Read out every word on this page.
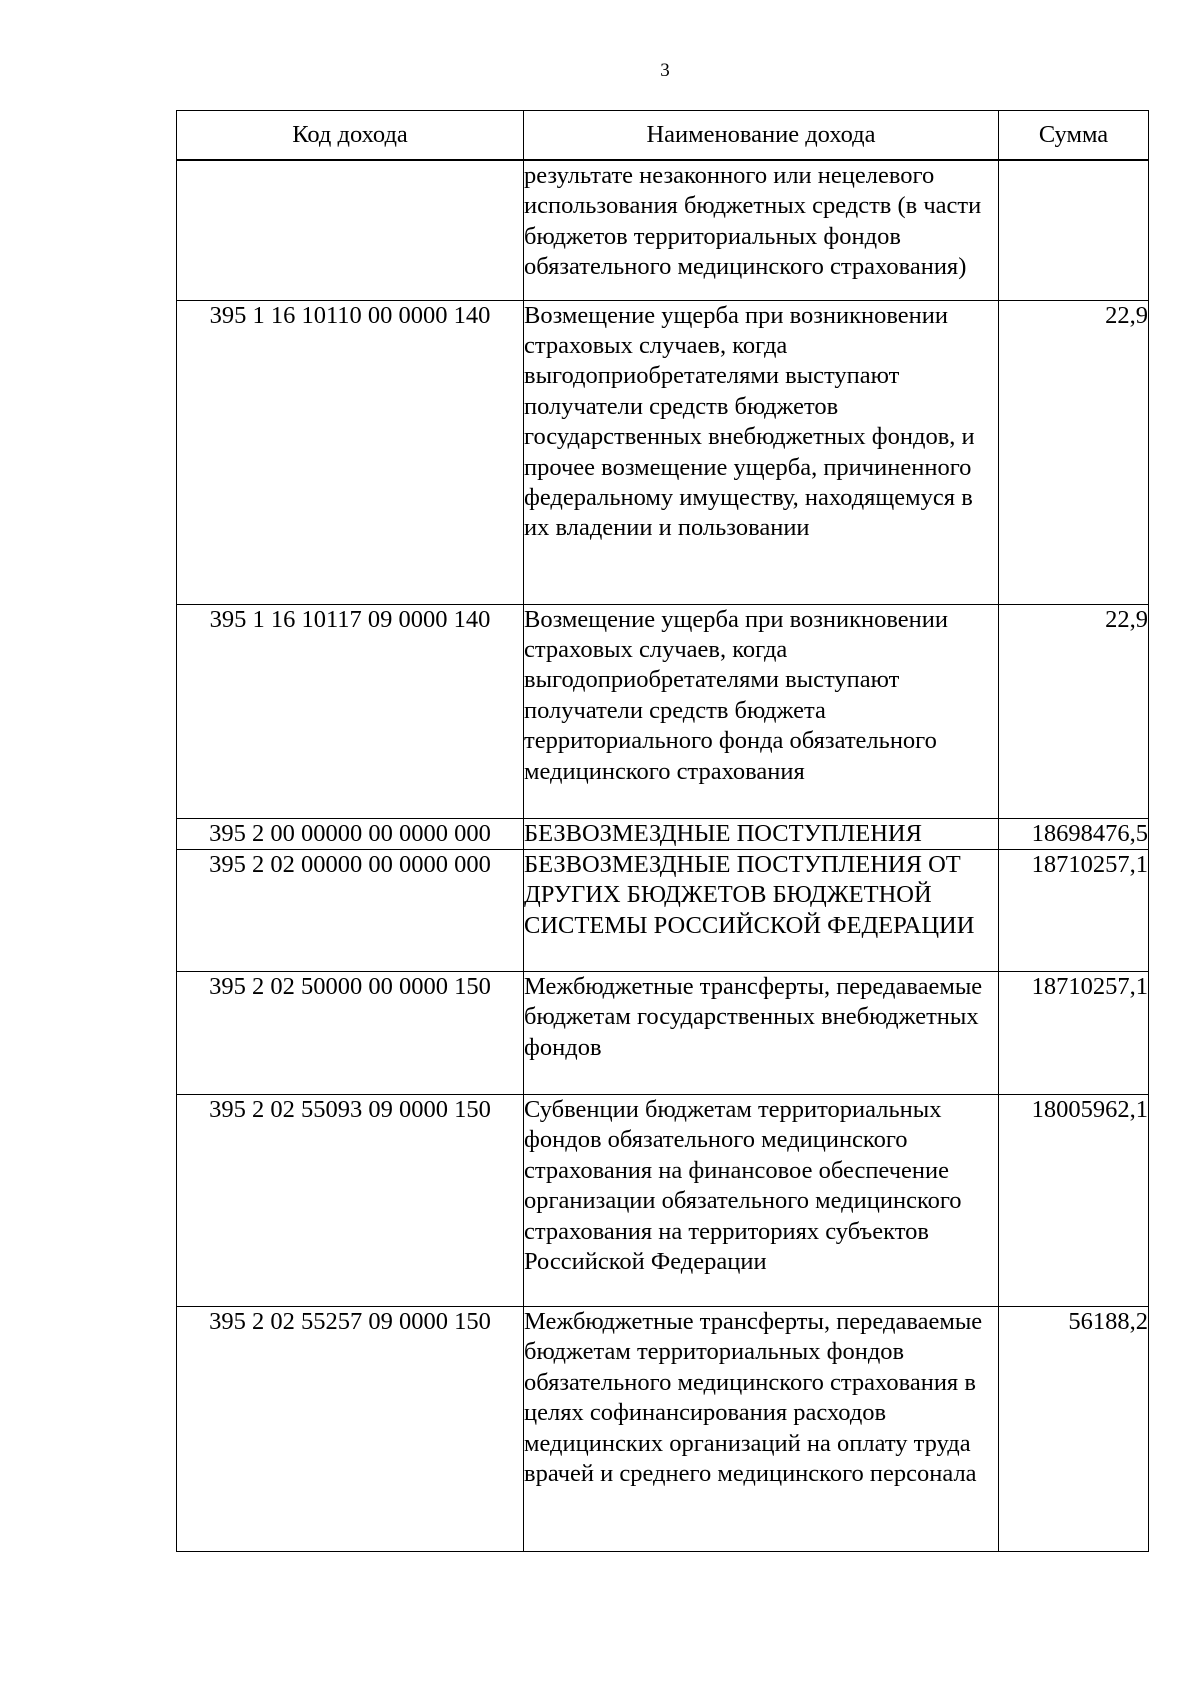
3
Код дохода	Наименование дохода	Сумма
	результате незаконного или нецелевого использования бюджетных средств (в части бюджетов территориальных фондов обязательного медицинского страхования)	
395 1 16 10110 00 0000 140	Возмещение ущерба при возникновении страховых случаев, когда выгодоприобретателями выступают получатели средств бюджетов государственных внебюджетных фондов, и прочее возмещение ущерба, причиненного федеральному имуществу, находящемуся в их владении и пользовании	22,9
395 1 16 10117 09 0000 140	Возмещение ущерба при возникновении страховых случаев, когда выгодоприобретателями выступают получатели средств бюджета территориального фонда обязательного медицинского страхования	22,9
395 2 00 00000 00 0000 000	БЕЗВОЗМЕЗДНЫЕ ПОСТУПЛЕНИЯ	18698476,5
395 2 02 00000 00 0000 000	БЕЗВОЗМЕЗДНЫЕ ПОСТУПЛЕНИЯ ОТ ДРУГИХ БЮДЖЕТОВ БЮДЖЕТНОЙ СИСТЕМЫ РОССИЙСКОЙ ФЕДЕРАЦИИ	18710257,1
395 2 02 50000 00 0000 150	Межбюджетные трансферты, передаваемые бюджетам государственных внебюджетных фондов	18710257,1
395 2 02 55093 09 0000 150	Субвенции бюджетам территориальных фондов обязательного медицинского страхования на финансовое обеспечение организации обязательного медицинского страхования на территориях субъектов Российской Федерации	18005962,1
395 2 02 55257 09 0000 150	Межбюджетные трансферты, передаваемые бюджетам территориальных фондов обязательного медицинского страхования в целях софинансирования расходов медицинских организаций на оплату труда врачей и среднего медицинского персонала	56188,2
